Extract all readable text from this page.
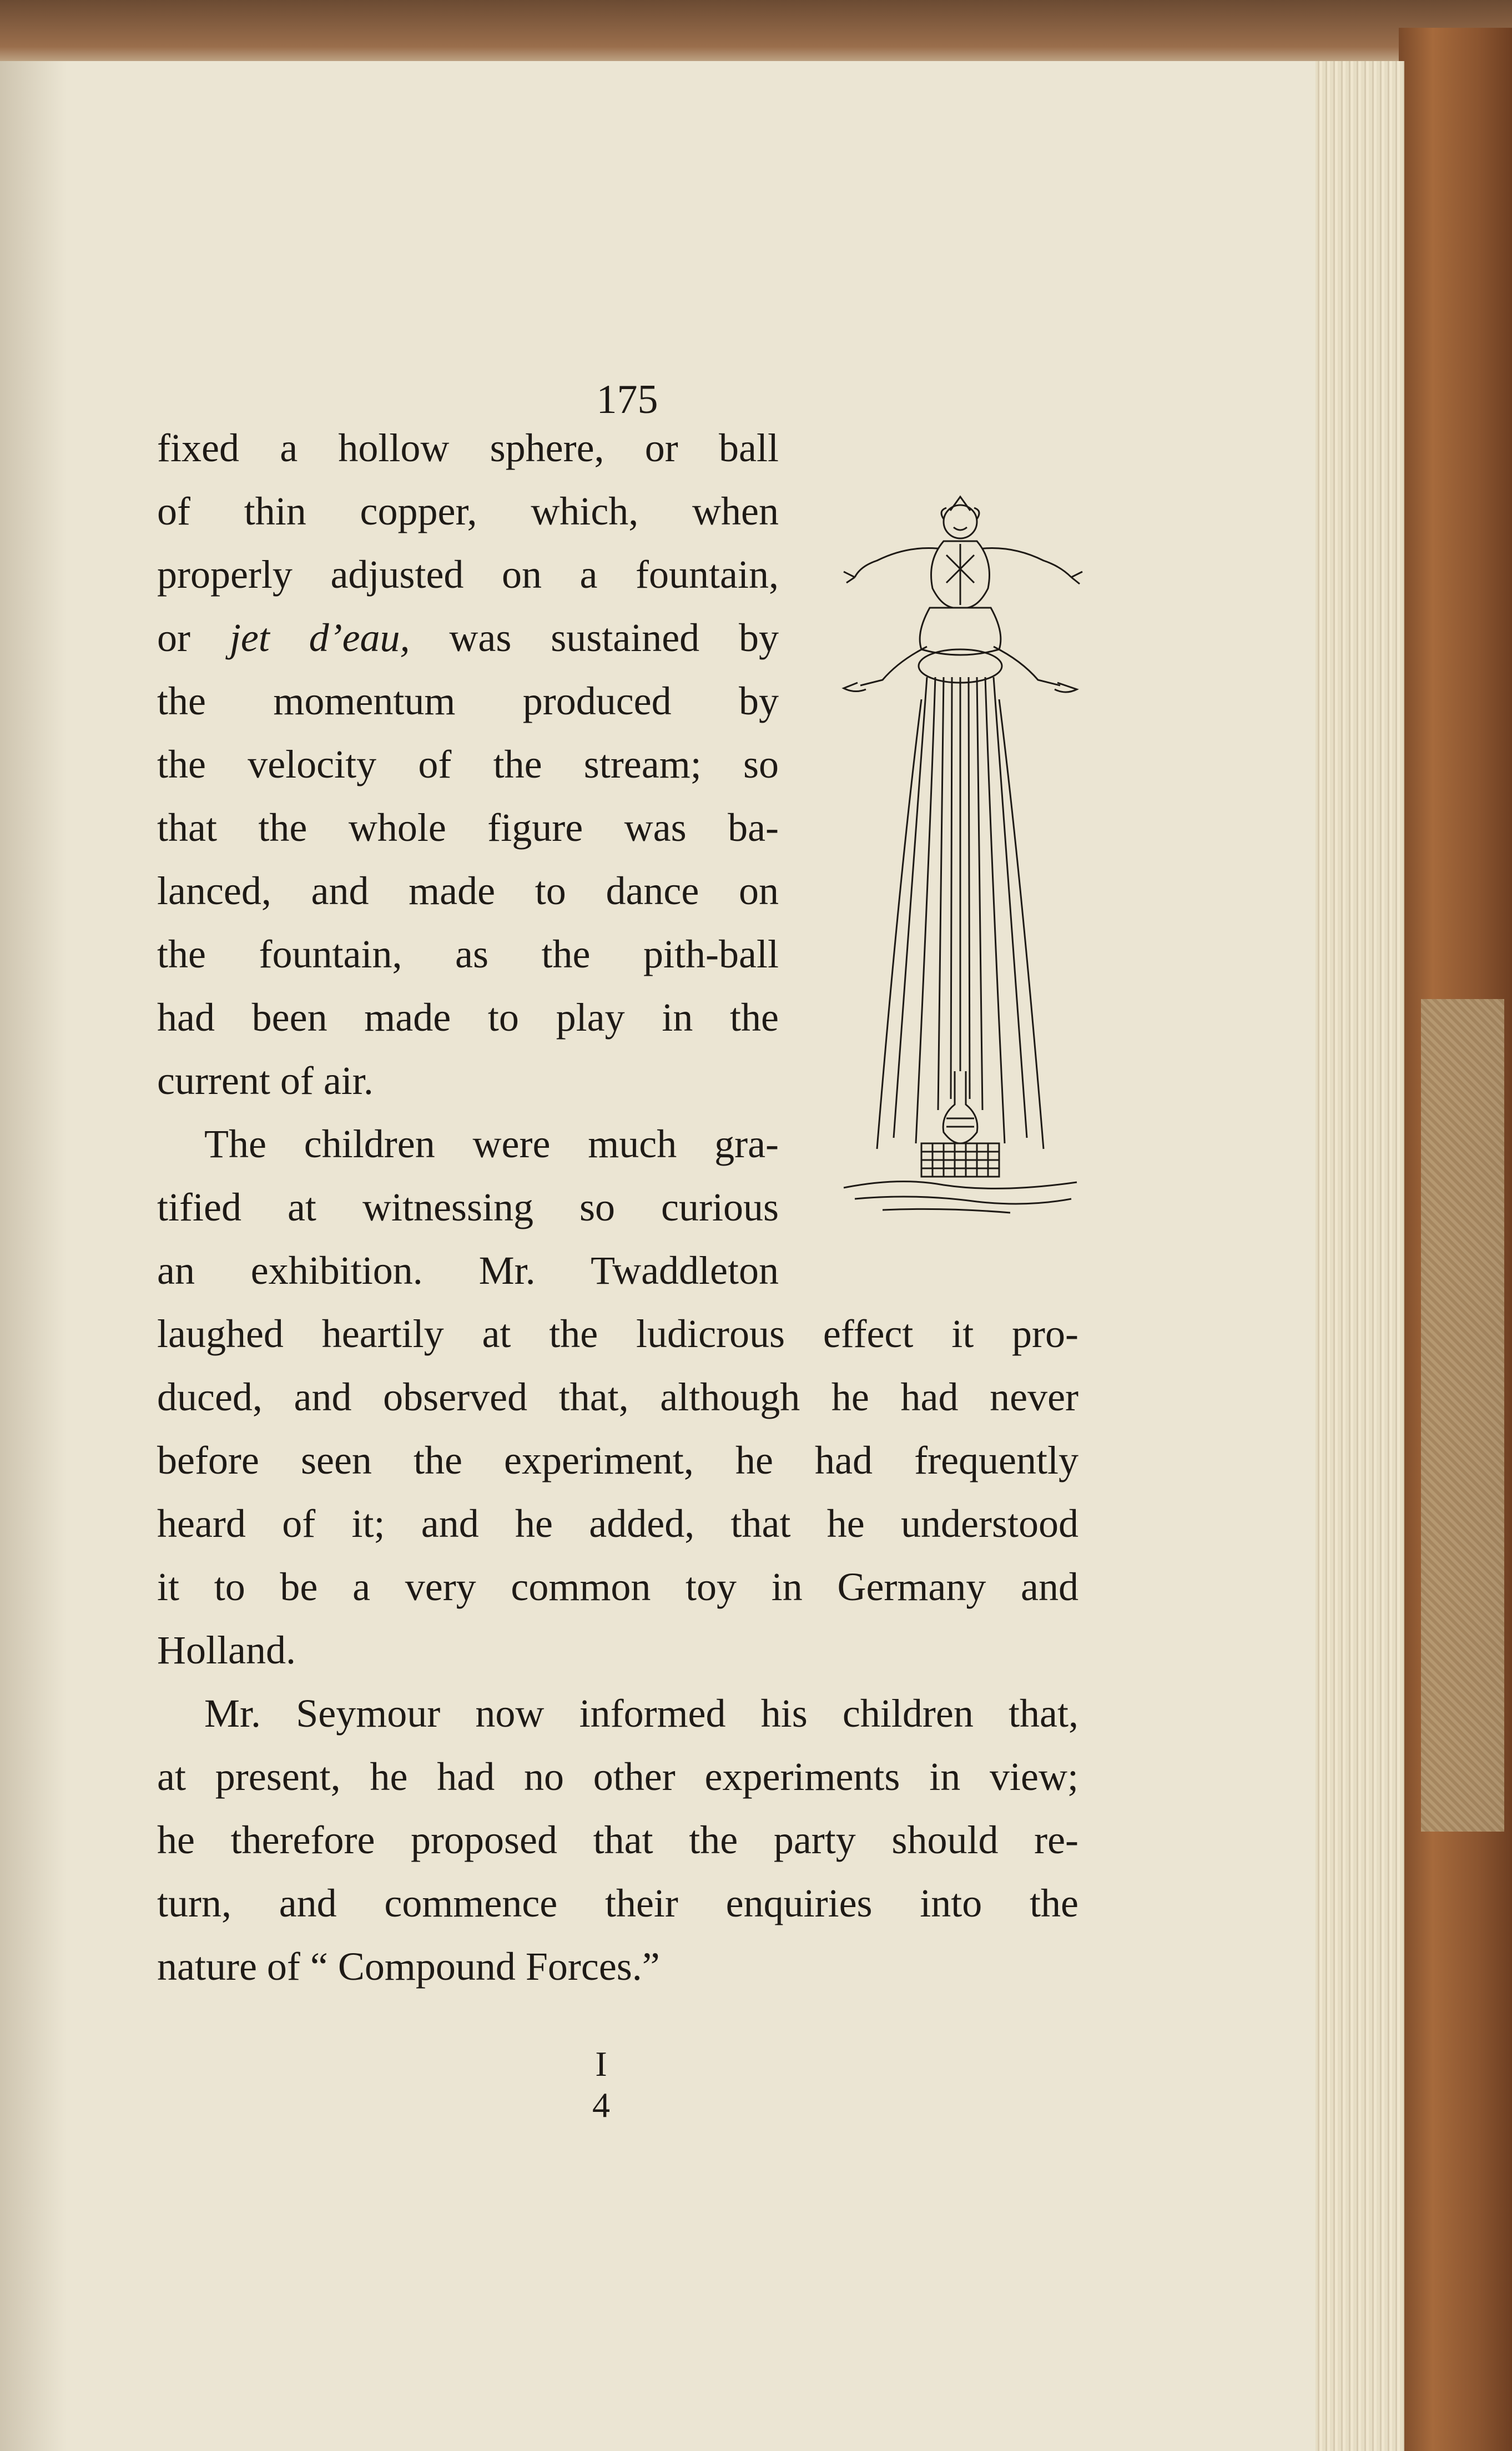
175
fixed a hollow sphere, or ball
of thin copper, which, when
properly adjusted on a fountain,
or jet d’eau, was sustained by
the momentum produced by
the velocity of the stream; so
that the whole figure was ba-
lanced, and made to dance on
the fountain, as the pith-ball
had been made to play in the
current of air.
The children were much gra-
tified at witnessing so curious
an exhibition. Mr. Twaddleton
laughed heartily at the ludicrous effect it pro-
duced, and observed that, although he had never
before seen the experiment, he had frequently
heard of it; and he added, that he understood
it to be a very common toy in Germany and
Holland.
Mr. Seymour now informed his children that,
at present, he had no other experiments in view;
he therefore proposed that the party should re-
turn, and commence their enquiries into the
nature of “ Compound Forces.”
I 4
